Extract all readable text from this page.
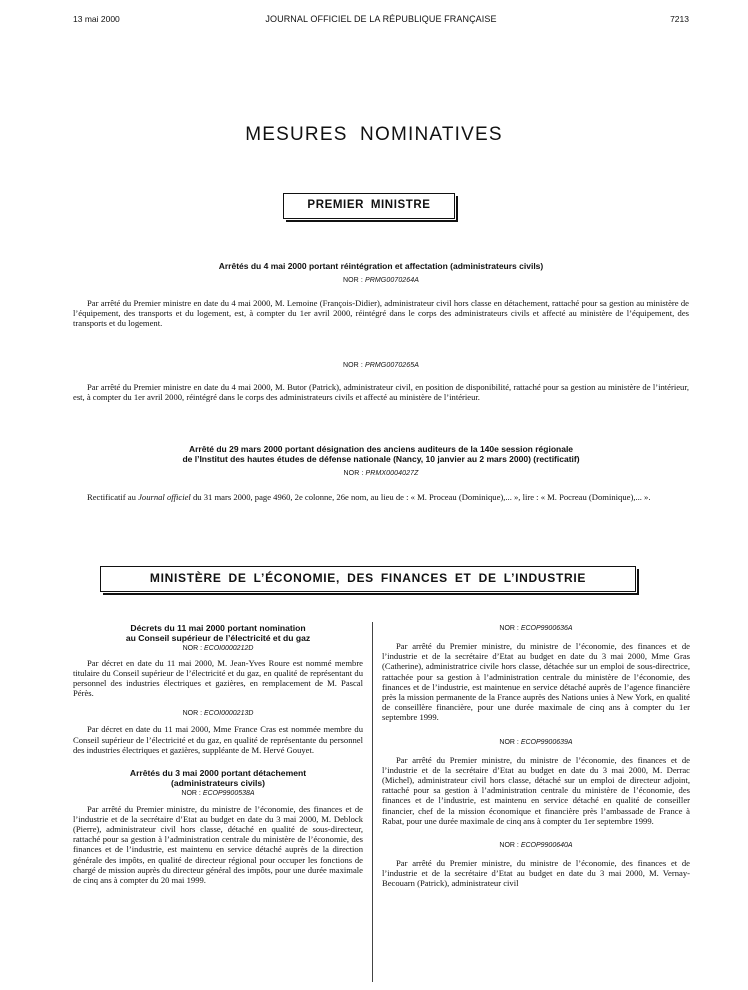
13 mai 2000	JOURNAL OFFICIEL DE LA RÉPUBLIQUE FRANÇAISE	7213
MESURES NOMINATIVES
PREMIER MINISTRE
Arrêtés du 4 mai 2000 portant réintégration et affectation (administrateurs civils)
NOR : PRMG0070264A
Par arrêté du Premier ministre en date du 4 mai 2000, M. Lemoine (François-Didier), administrateur civil hors classe en détachement, rattaché pour sa gestion au ministère de l’équipement, des transports et du logement, est, à compter du 1er avril 2000, réintégré dans le corps des administrateurs civils et affecté au ministère de l’équipement, des transports et du logement.
NOR : PRMG0070265A
Par arrêté du Premier ministre en date du 4 mai 2000, M. Butor (Patrick), administrateur civil, en position de disponibilité, rattaché pour sa gestion au ministère de l’intérieur, est, à compter du 1er avril 2000, réintégré dans le corps des administrateurs civils et affecté au ministère de l’intérieur.
Arrêté du 29 mars 2000 portant désignation des anciens auditeurs de la 140e session régionale
de l’Institut des hautes études de défense nationale (Nancy, 10 janvier au 2 mars 2000) (rectificatif)
NOR : PRMX0004027Z
Rectificatif au Journal officiel du 31 mars 2000, page 4960, 2e colonne, 26e nom, au lieu de : « M. Proceau (Dominique),... », lire : « M. Pocreau (Dominique),... ».
MINISTÈRE DE L’ÉCONOMIE, DES FINANCES ET DE L’INDUSTRIE
Décrets du 11 mai 2000 portant nomination
au Conseil supérieur de l’électricité et du gaz
NOR : ECOI0000212D
Par décret en date du 11 mai 2000, M. Jean-Yves Roure est nommé membre titulaire du Conseil supérieur de l’électricité et du gaz, en qualité de représentant du personnel des industries électriques et gazières, en remplacement de M. Pascal Pérès.
NOR : ECOI0000213D
Par décret en date du 11 mai 2000, Mme France Cras est nommée membre du Conseil supérieur de l’électricité et du gaz, en qualité de représentante du personnel des industries électriques et gazières, suppléante de M. Hervé Gouyet.
Arrêtés du 3 mai 2000 portant détachement
(administrateurs civils)
NOR : ECOP9900538A
Par arrêté du Premier ministre, du ministre de l’économie, des finances et de l’industrie et de la secrétaire d’Etat au budget en date du 3 mai 2000, M. Deblock (Pierre), administrateur civil hors classe, détaché en qualité de sous-directeur, rattaché pour sa gestion à l’administration centrale du ministère de l’économie, des finances et de l’industrie, est maintenu en service détaché auprès de la direction générale des impôts, en qualité de directeur régional pour occuper les fonctions de chargé de mission auprès du directeur général des impôts, pour une durée maximale de cinq ans à compter du 20 mai 1999.
NOR : ECOP9900636A
Par arrêté du Premier ministre, du ministre de l’économie, des finances et de l’industrie et de la secrétaire d’Etat au budget en date du 3 mai 2000, Mme Gras (Catherine), administratrice civile hors classe, détachée sur un emploi de sous-directrice, rattachée pour sa gestion à l’administration centrale du ministère de l’économie, des finances et de l’industrie, est maintenue en service détaché auprès de l’agence financière près la mission permanente de la France auprès des Nations unies à New York, en qualité de conseillère financière, pour une durée maximale de cinq ans à compter du 1er septembre 1999.
NOR : ECOP9900639A
Par arrêté du Premier ministre, du ministre de l’économie, des finances et de l’industrie et de la secrétaire d’Etat au budget en date du 3 mai 2000, M. Derrac (Michel), administrateur civil hors classe, détaché sur un emploi de directeur adjoint, rattaché pour sa gestion à l’administration centrale du ministère de l’économie, des finances et de l’industrie, est maintenu en service détaché en qualité de conseiller financier, chef de la mission économique et financière près l’ambassade de France à Rabat, pour une durée maximale de cinq ans à compter du 1er septembre 1999.
NOR : ECOP9900640A
Par arrêté du Premier ministre, du ministre de l’économie, des finances et de l’industrie et de la secrétaire d’Etat au budget en date du 3 mai 2000, M. Vernay-Becouarn (Patrick), administrateur civil
